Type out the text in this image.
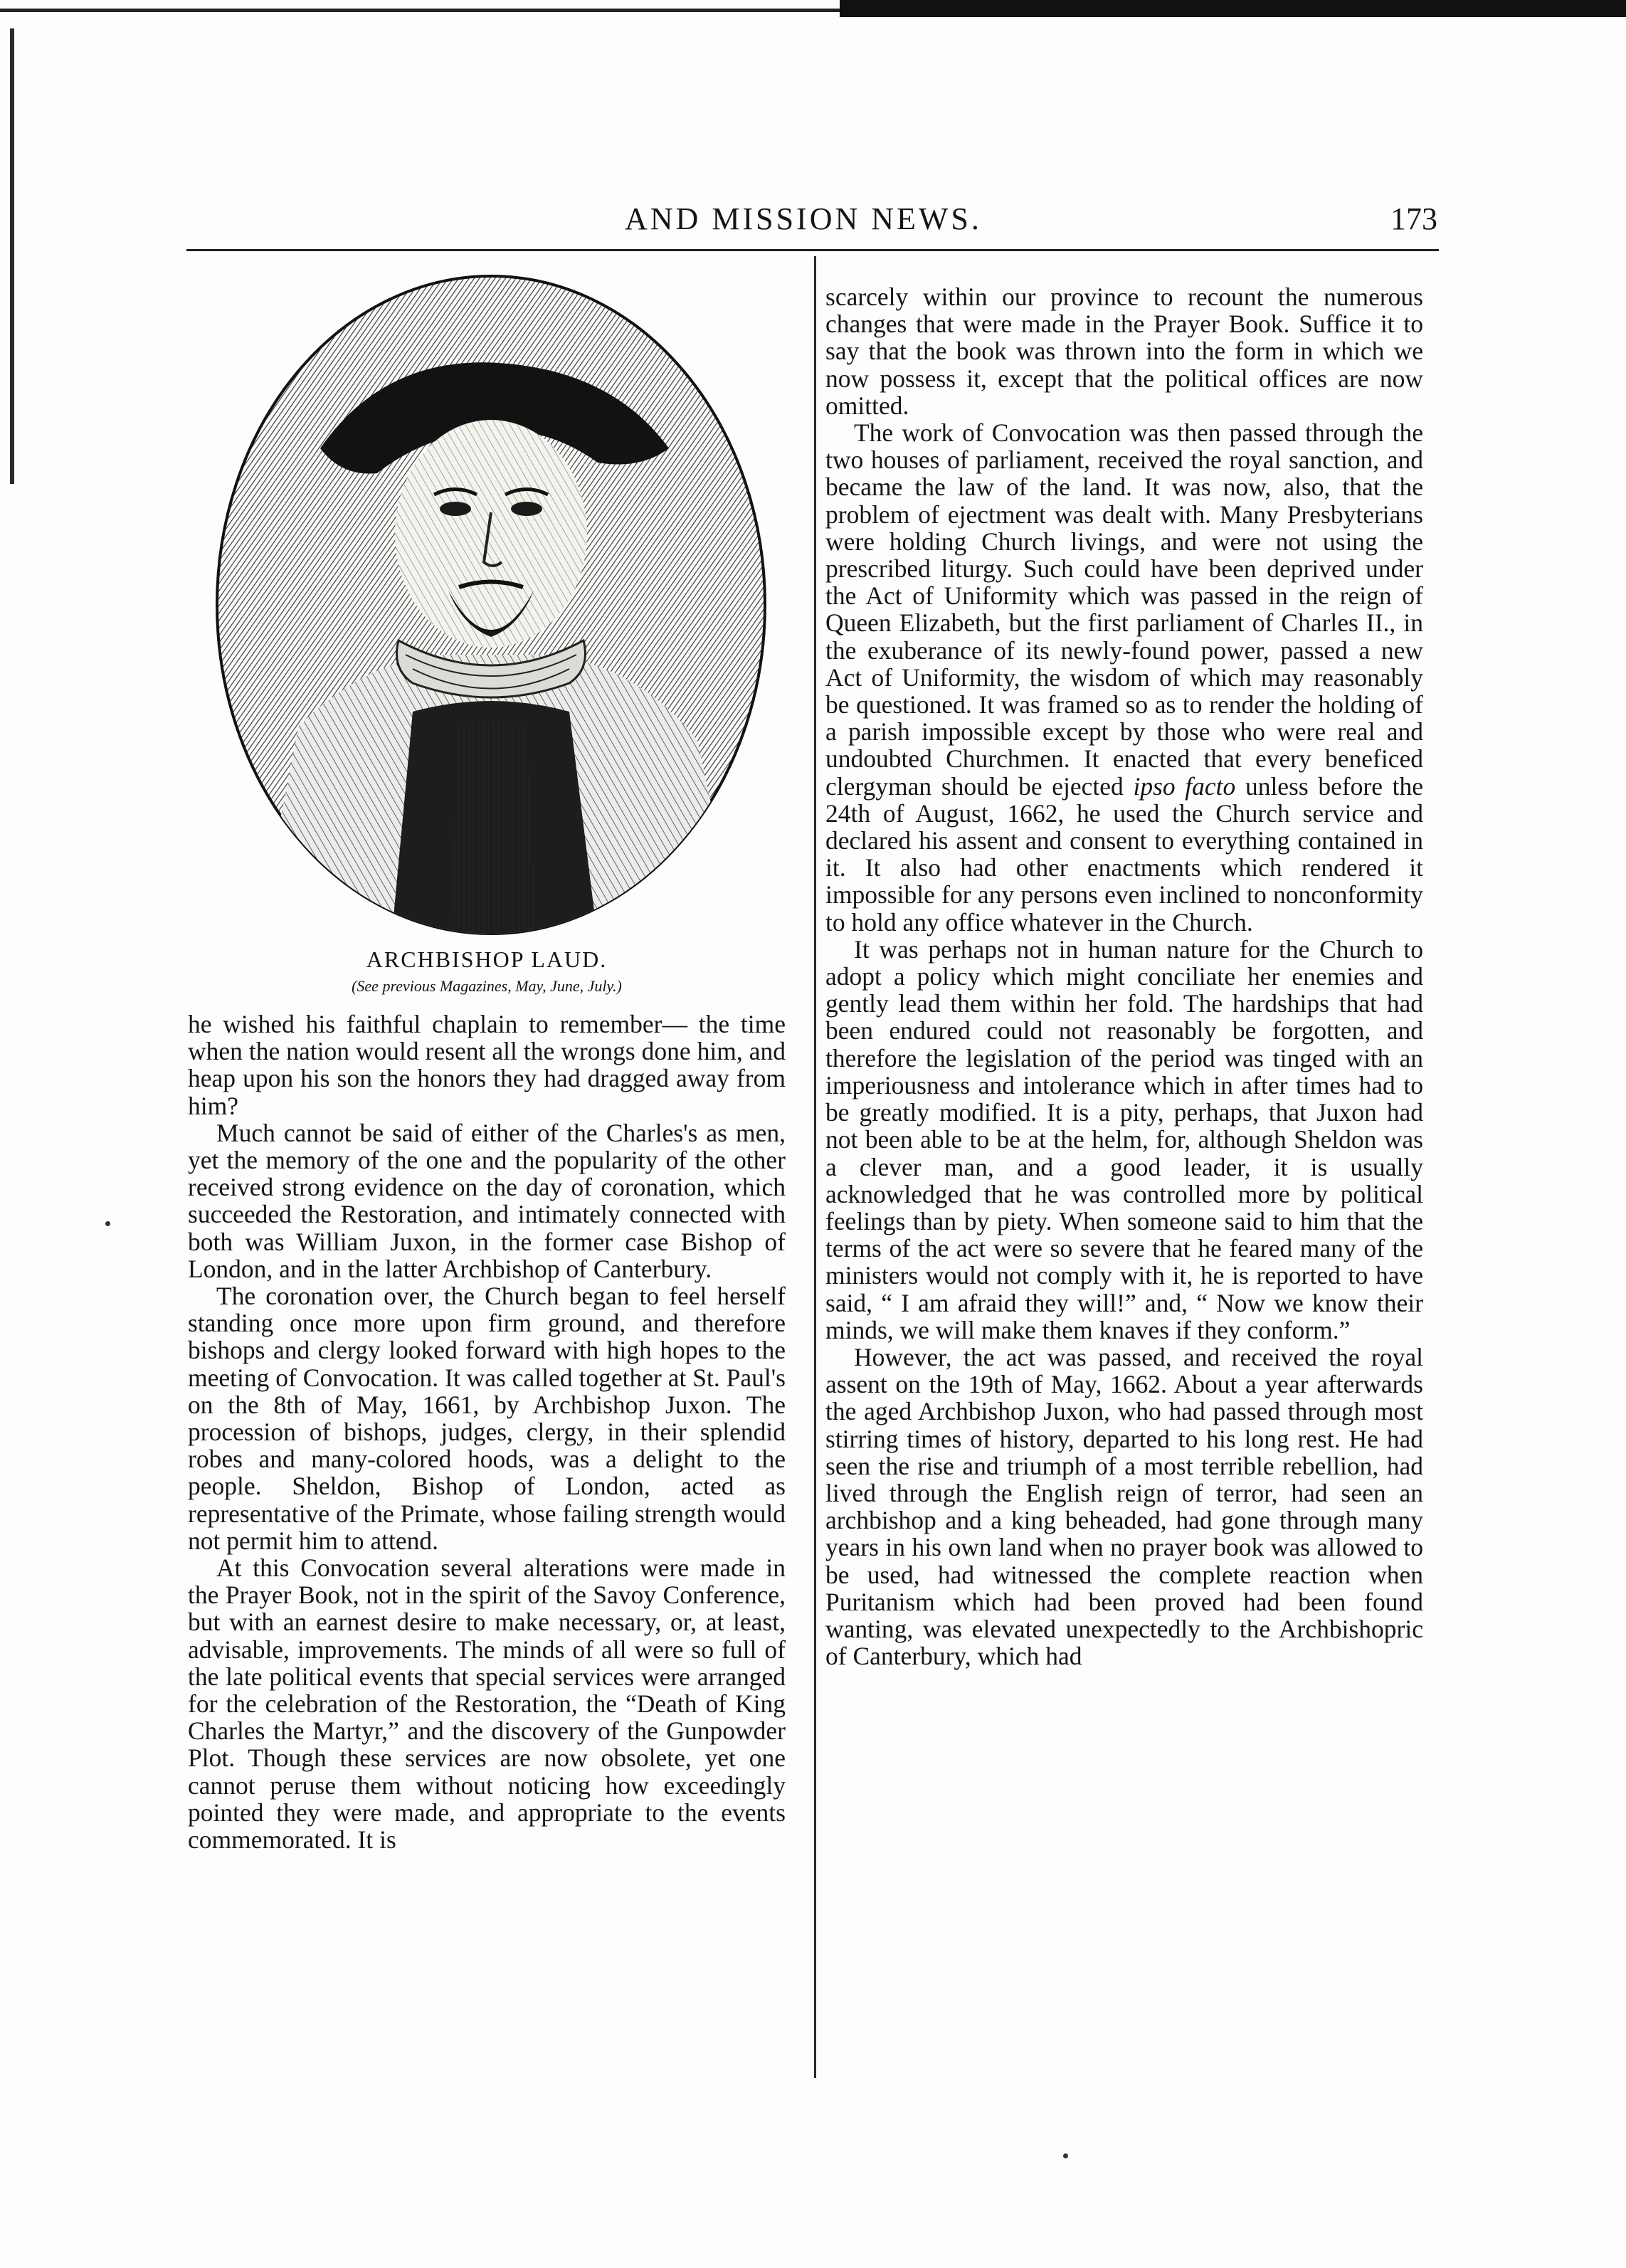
AND MISSION NEWS.	173
ARCHBISHOP LAUD.
(See previous Magazines, May, June, July.)

he wished his faithful chaplain to remember— the time when the nation would resent all the wrongs done him, and heap upon his son the honors they had dragged away from him?

Much cannot be said of either of the Charles's as men, yet the memory of the one and the popularity of the other received strong evidence on the day of coronation, which succeeded the Restoration, and intimately connected with both was William Juxon, in the former case Bishop of London, and in the latter Archbishop of Canterbury.

The coronation over, the Church began to feel herself standing once more upon firm ground, and therefore bishops and clergy looked forward with high hopes to the meeting of Convocation. It was called together at St. Paul's on the 8th of May, 1661, by Archbishop Juxon. The procession of bishops, judges, clergy, in their splendid robes and many-colored hoods, was a delight to the people. Sheldon, Bishop of London, acted as representative of the Primate, whose failing strength would not permit him to attend.

At this Convocation several alterations were made in the Prayer Book, not in the spirit of the Savoy Conference, but with an earnest desire to make necessary, or, at least, advisable, improvements. The minds of all were so full of the late political events that special services were arranged for the celebration of the Restoration, the “Death of King Charles the Martyr,” and the discovery of the Gunpowder Plot. Though these services are now obsolete, yet one cannot peruse them without noticing how exceedingly pointed they were made, and appropriate to the events commemorated. It is

scarcely within our province to recount the numerous changes that were made in the Prayer Book. Suffice it to say that the book was thrown into the form in which we now possess it, except that the political offices are now omitted.

The work of Convocation was then passed through the two houses of parliament, received the royal sanction, and became the law of the land. It was now, also, that the problem of ejectment was dealt with. Many Presbyterians were holding Church livings, and were not using the prescribed liturgy. Such could have been deprived under the Act of Uniformity which was passed in the reign of Queen Elizabeth, but the first parliament of Charles II., in the exuberance of its newly-found power, passed a new Act of Uniformity, the wisdom of which may reasonably be questioned. It was framed so as to render the holding of a parish impossible except by those who were real and undoubted Churchmen. It enacted that every beneficed clergyman should be ejected ipso facto unless before the 24th of August, 1662, he used the Church service and declared his assent and consent to everything contained in it. It also had other enactments which rendered it impossible for any persons even inclined to nonconformity to hold any office whatever in the Church.

It was perhaps not in human nature for the Church to adopt a policy which might conciliate her enemies and gently lead them within her fold. The hardships that had been endured could not reasonably be forgotten, and therefore the legislation of the period was tinged with an imperiousness and intolerance which in after times had to be greatly modified. It is a pity, perhaps, that Juxon had not been able to be at the helm, for, although Sheldon was a clever man, and a good leader, it is usually acknowledged that he was controlled more by political feelings than by piety. When someone said to him that the terms of the act were so severe that he feared many of the ministers would not comply with it, he is reported to have said, “ I am afraid they will!” and, “ Now we know their minds, we will make them knaves if they conform.”

However, the act was passed, and received the royal assent on the 19th of May, 1662. About a year afterwards the aged Archbishop Juxon, who had passed through most stirring times of history, departed to his long rest. He had seen the rise and triumph of a most terrible rebellion, had lived through the English reign of terror, had seen an archbishop and a king beheaded, had gone through many years in his own land when no prayer book was allowed to be used, had witnessed the complete reaction when Puritanism which had been proved had been found wanting, was elevated unexpectedly to the Archbishopric of Canterbury, which had
